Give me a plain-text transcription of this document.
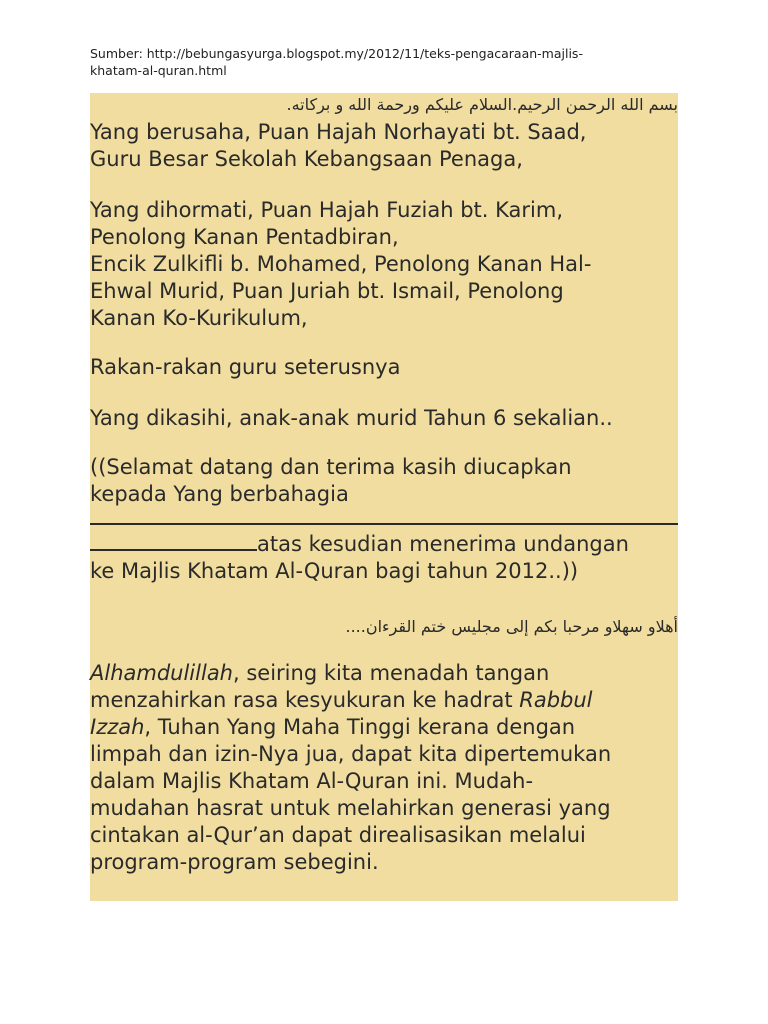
Sumber: http://bebungasyurga.blogspot.my/2012/11/teks-pengacaraan-majlis-
khatam-al-quran.html
بسم الله الرحمن الرحيم.السلام عليكم ورحمة الله و بركاته.
Yang berusaha, Puan Hajah Norhayati bt. Saad,
Guru Besar Sekolah Kebangsaan Penaga,
Yang dihormati, Puan Hajah Fuziah bt. Karim,
Penolong Kanan Pentadbiran,
Encik Zulkifli b. Mohamed, Penolong Kanan Hal-
Ehwal Murid, Puan Juriah bt. Ismail, Penolong
Kanan Ko-Kurikulum,
Rakan-rakan guru seterusnya
Yang dikasihi, anak-anak murid Tahun 6 sekalian..
((Selamat datang dan terima kasih diucapkan
kepada Yang berbahagia
atas kesudian menerima undangan
ke Majlis Khatam Al-Quran bagi tahun 2012..))
أهلاو سهلاو مرحبا بكم إلى مجليس ختم القرءان....
Alhamdulillah, seiring kita menadah tangan
menzahirkan rasa kesyukuran ke hadrat Rabbul
Izzah, Tuhan Yang Maha Tinggi kerana dengan
limpah dan izin-Nya jua, dapat kita dipertemukan
dalam Majlis Khatam Al-Quran ini. Mudah-
mudahan hasrat untuk melahirkan generasi yang
cintakan al-Qur’an dapat direalisasikan melalui
program-program sebegini.
